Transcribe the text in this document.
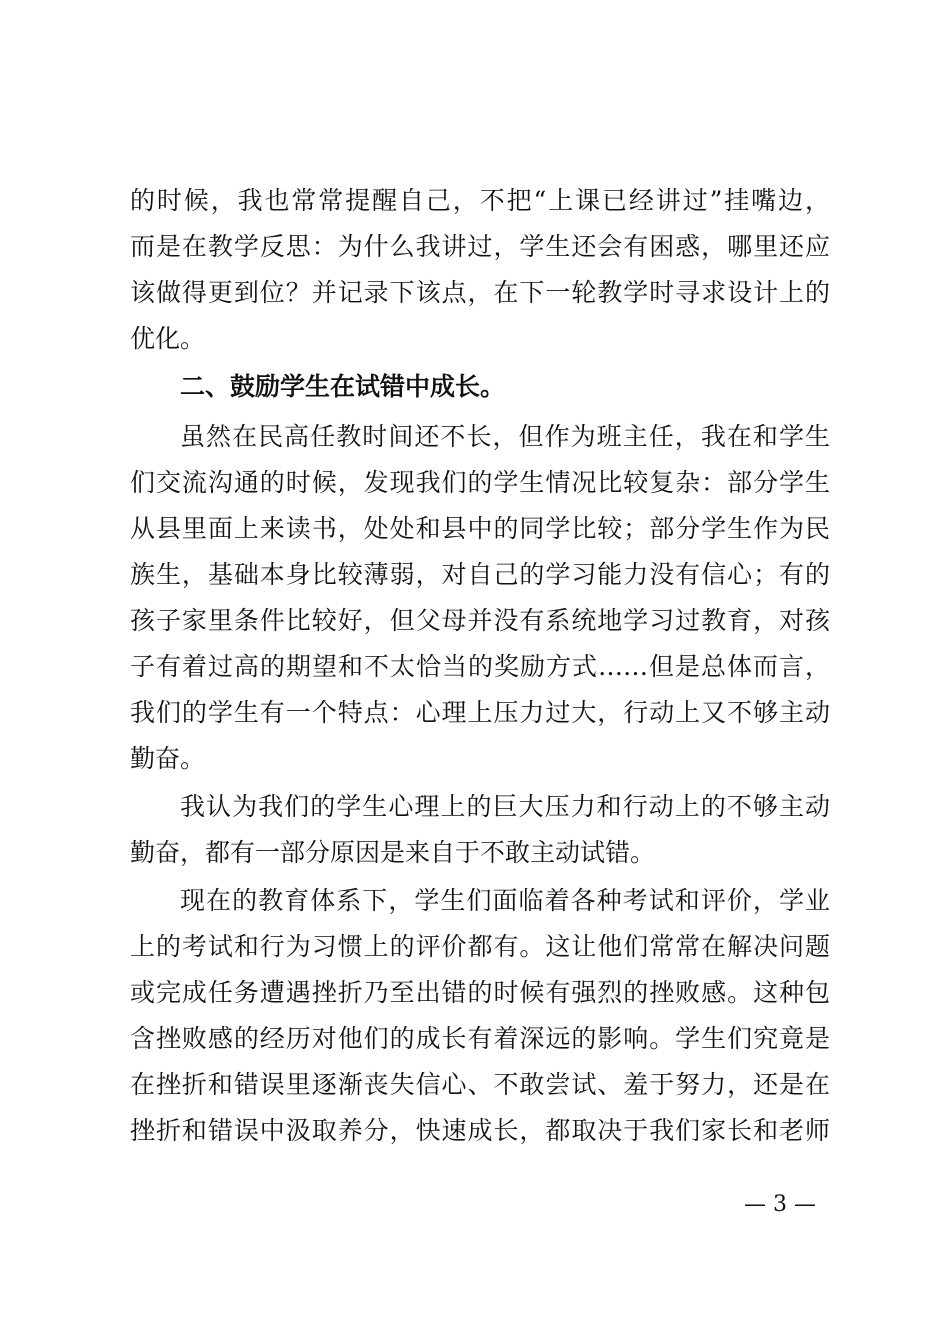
的时候，我也常常提醒自己，不把“上课已经讲过”挂嘴边，
而是在教学反思：为什么我讲过，学生还会有困惑，哪里还应
该做得更到位？并记录下该点，在下一轮教学时寻求设计上的
优化。
二、鼓励学生在试错中成长。
虽然在民高任教时间还不长，但作为班主任，我在和学生
们交流沟通的时候，发现我们的学生情况比较复杂：部分学生
从县里面上来读书，处处和县中的同学比较；部分学生作为民
族生，基础本身比较薄弱，对自己的学习能力没有信心；有的
孩子家里条件比较好，但父母并没有系统地学习过教育，对孩
子有着过高的期望和不太恰当的奖励方式……但是总体而言，
我们的学生有一个特点：心理上压力过大，行动上又不够主动
勤奋。
我认为我们的学生心理上的巨大压力和行动上的不够主动
勤奋，都有一部分原因是来自于不敢主动试错。
现在的教育体系下，学生们面临着各种考试和评价，学业
上的考试和行为习惯上的评价都有。这让他们常常在解决问题
或完成任务遭遇挫折乃至出错的时候有强烈的挫败感。这种包
含挫败感的经历对他们的成长有着深远的影响。学生们究竟是
在挫折和错误里逐渐丧失信心、不敢尝试、羞于努力，还是在
挫折和错误中汲取养分，快速成长，都取决于我们家长和老师
— 3 —
